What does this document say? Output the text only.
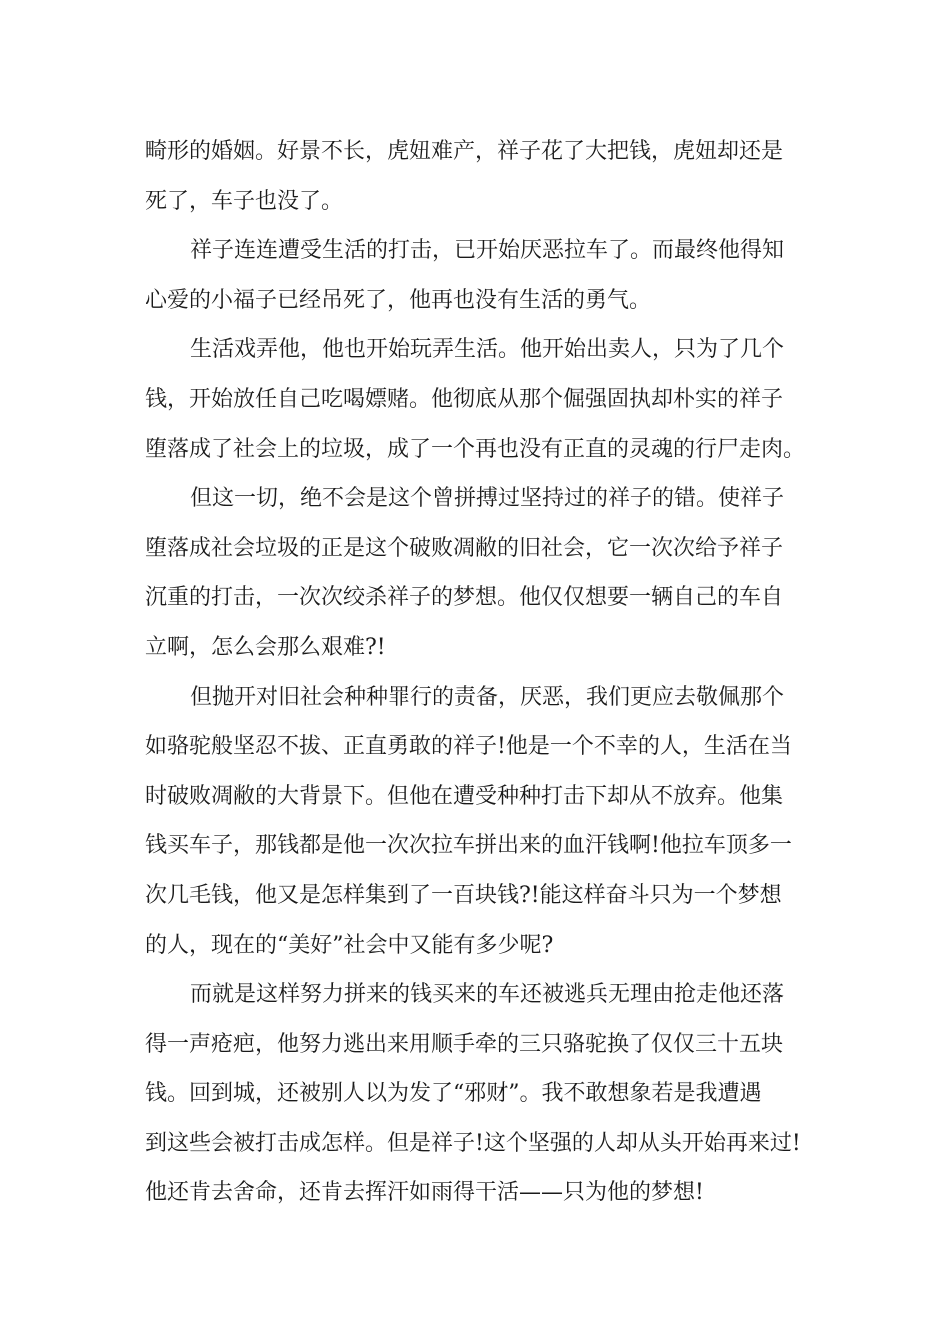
畸形的婚姻。好景不长，虎妞难产，祥子花了大把钱，虎妞却还是
死了，车子也没了。
祥子连连遭受生活的打击，已开始厌恶拉车了。而最终他得知
心爱的小福子已经吊死了，他再也没有生活的勇气。
生活戏弄他，他也开始玩弄生活。他开始出卖人，只为了几个
钱，开始放任自己吃喝嫖赌。他彻底从那个倔强固执却朴实的祥子
堕落成了社会上的垃圾，成了一个再也没有正直的灵魂的行尸走肉。
但这一切，绝不会是这个曾拼搏过坚持过的祥子的错。使祥子
堕落成社会垃圾的正是这个破败凋敝的旧社会，它一次次给予祥子
沉重的打击，一次次绞杀祥子的梦想。他仅仅想要一辆自己的车自
立啊，怎么会那么艰难?!
但抛开对旧社会种种罪行的责备，厌恶，我们更应去敬佩那个
如骆驼般坚忍不拔、正直勇敢的祥子!他是一个不幸的人，生活在当
时破败凋敝的大背景下。但他在遭受种种打击下却从不放弃。他集
钱买车子，那钱都是他一次次拉车拼出来的血汗钱啊!他拉车顶多一
次几毛钱，他又是怎样集到了一百块钱?!能这样奋斗只为一个梦想
的人，现在的“美好”社会中又能有多少呢?
而就是这样努力拼来的钱买来的车还被逃兵无理由抢走他还落
得一声疮疤，他努力逃出来用顺手牵的三只骆驼换了仅仅三十五块
钱。回到城，还被别人以为发了“邪财”。我不敢想象若是我遭遇
到这些会被打击成怎样。但是祥子!这个坚强的人却从头开始再来过!
他还肯去舍命，还肯去挥汗如雨得干活——只为他的梦想!
